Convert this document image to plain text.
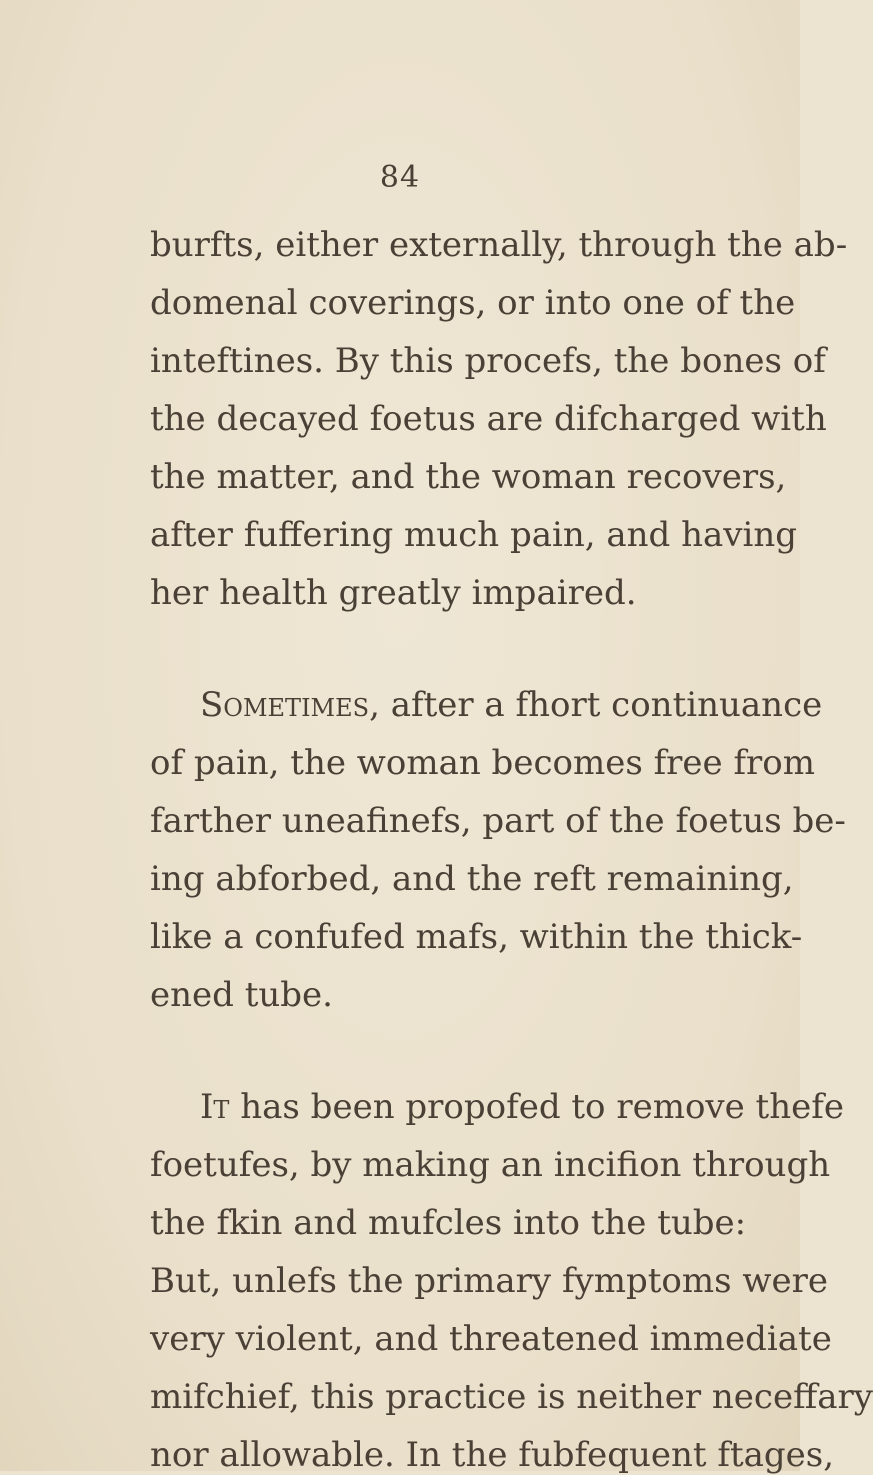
84
burfts, either externally, through the ab-
domenal coverings, or into one of the
inteftines. By this procefs, the bones of
the decayed foetus are difcharged with
the matter, and the woman recovers,
after fuffering much pain, and having
her health greatly impaired.
Sometimes, after a fhort continuance
of pain, the woman becomes free from
farther uneafinefs, part of the foetus be-
ing abforbed, and the reft remaining,
like a confufed mafs, within the thick-
ened tube.
It has been propofed to remove thefe
foetufes, by making an incifion through
the fkin and mufcles into the tube:
But, unlefs the primary fymptoms were
very violent, and threatened immediate
mifchief, this practice is neither neceffary
nor allowable. In the fubfequent ftages,
